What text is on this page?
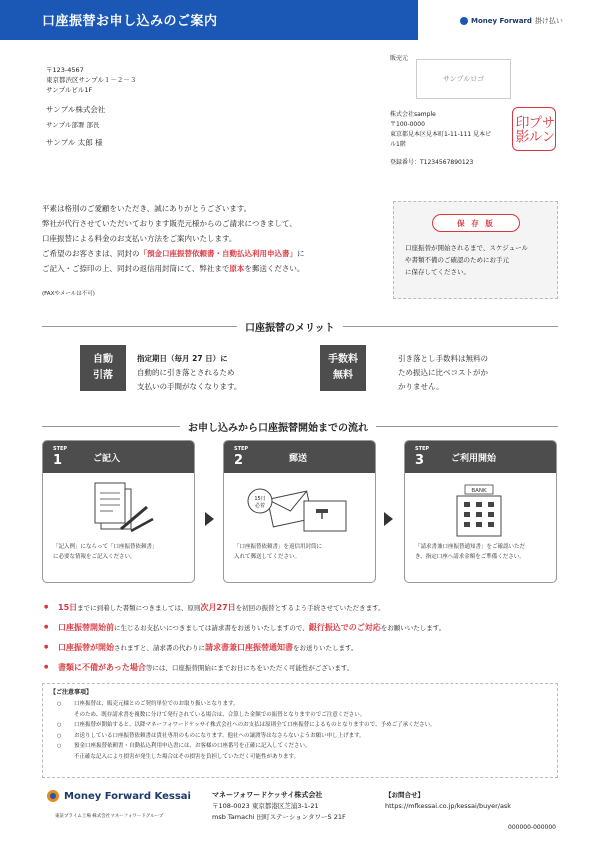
口座振替お申し込みのご案内	Money Forward 掛け払い
〒123-4567
東京都渋区サンプル１－２－３
サンプルビル1F
サンプル株式会社
サンプル部署 部長
サンプル 太郎 様
販売元
サンプルロゴ
株式会社sample
〒100-0000
東京都見本区見本町1-11-111 見本ビ
ル1階
登録番号：T1234567890123
サンプル印影
平素は格別のご愛顧をいただき、誠にありがとうございます。
弊社が代行させていただいております販売元様からのご請求につきまして、
口座振替による料金のお支払い方法をご案内いたします。
ご希望のお客さまは、同封の「預金口座振替依頼書・自動払込利用申込書」に
ご記入・ご捺印の上、同封の返信用封筒にて、弊社まで原本を郵送ください。
(FAXやメールは不可)
保 存 版
口座振替が開始されるまで、スケジュール
や書類不備のご確認のためにお手元
に保存してください。
口座振替のメリット
自動
引落
指定期日（毎月 27 日）に
自動的に引き落とされるため
支払いの手間がなくなります。
手数料
無料
引き落とし手数料は無料の
ため振込に比べコストがか
かりません。
お申し込みから口座振替開始までの流れ
STEP
1	ご記入
「記入例」にならって「口座振替依頼書」
に必要な情報をご記入ください。
STEP
2	郵送
15日
必着
「口座振替依頼書」を返信用封筒に
入れて郵送してください。
STEP
3	ご利用開始
BANK
「請求書兼口座振替通知書」をご確認いただ
き、指定口座へ請求金額をご準備ください。
● 15日までに到着した書類につきましては、原則次月27日を初回の振替とするよう手続させていただきます。
● 口座振替開始前に生じるお支払いにつきましては請求書をお送りいたしますので、銀行振込でのご対応をお願いいたします。
● 口座振替が開始されますと、請求書の代わりに請求書兼口座振替通知書をお送りいたします。
● 書類に不備があった場合等には、口座振替開始にまでお日にちをいただく可能性がございます。
【ご注意事項】
○ 口座振替は、販売元様とのご契約単位でのお取り扱いとなります。
そのため、既存請求書を複数に分けて発行されている場合は、合算した金額での振替となりますのでご注意ください。
○ 口座振替が開始すると、以降マネーフォワードケッサイ株式会社へのお支払は原則全て口座振替によるものとなりますので、予めご了承ください。
○ お送りしている口座振替依頼書は貴社専用のものになります。他社への譲渡等はなさらないようお願い申し上げます。
○ 預金口座振替依頼書・自動払込利用申込書には、お客様の口座番号を正確に記入してください。
不正確な記入により損害が発生した場合はその損害を負担していただく可能性があります。
Money Forward Kessai
東証プライム上場 株式会社マネーフォワードグループ
マネーフォワードケッサイ株式会社
〒108-0023 東京都港区芝浦3-1-21
msb Tamachi 田町ステーションタワーS 21F
【お問合せ】
https://mfkessai.co.jp/kessai/buyer/ask
000000-000000
